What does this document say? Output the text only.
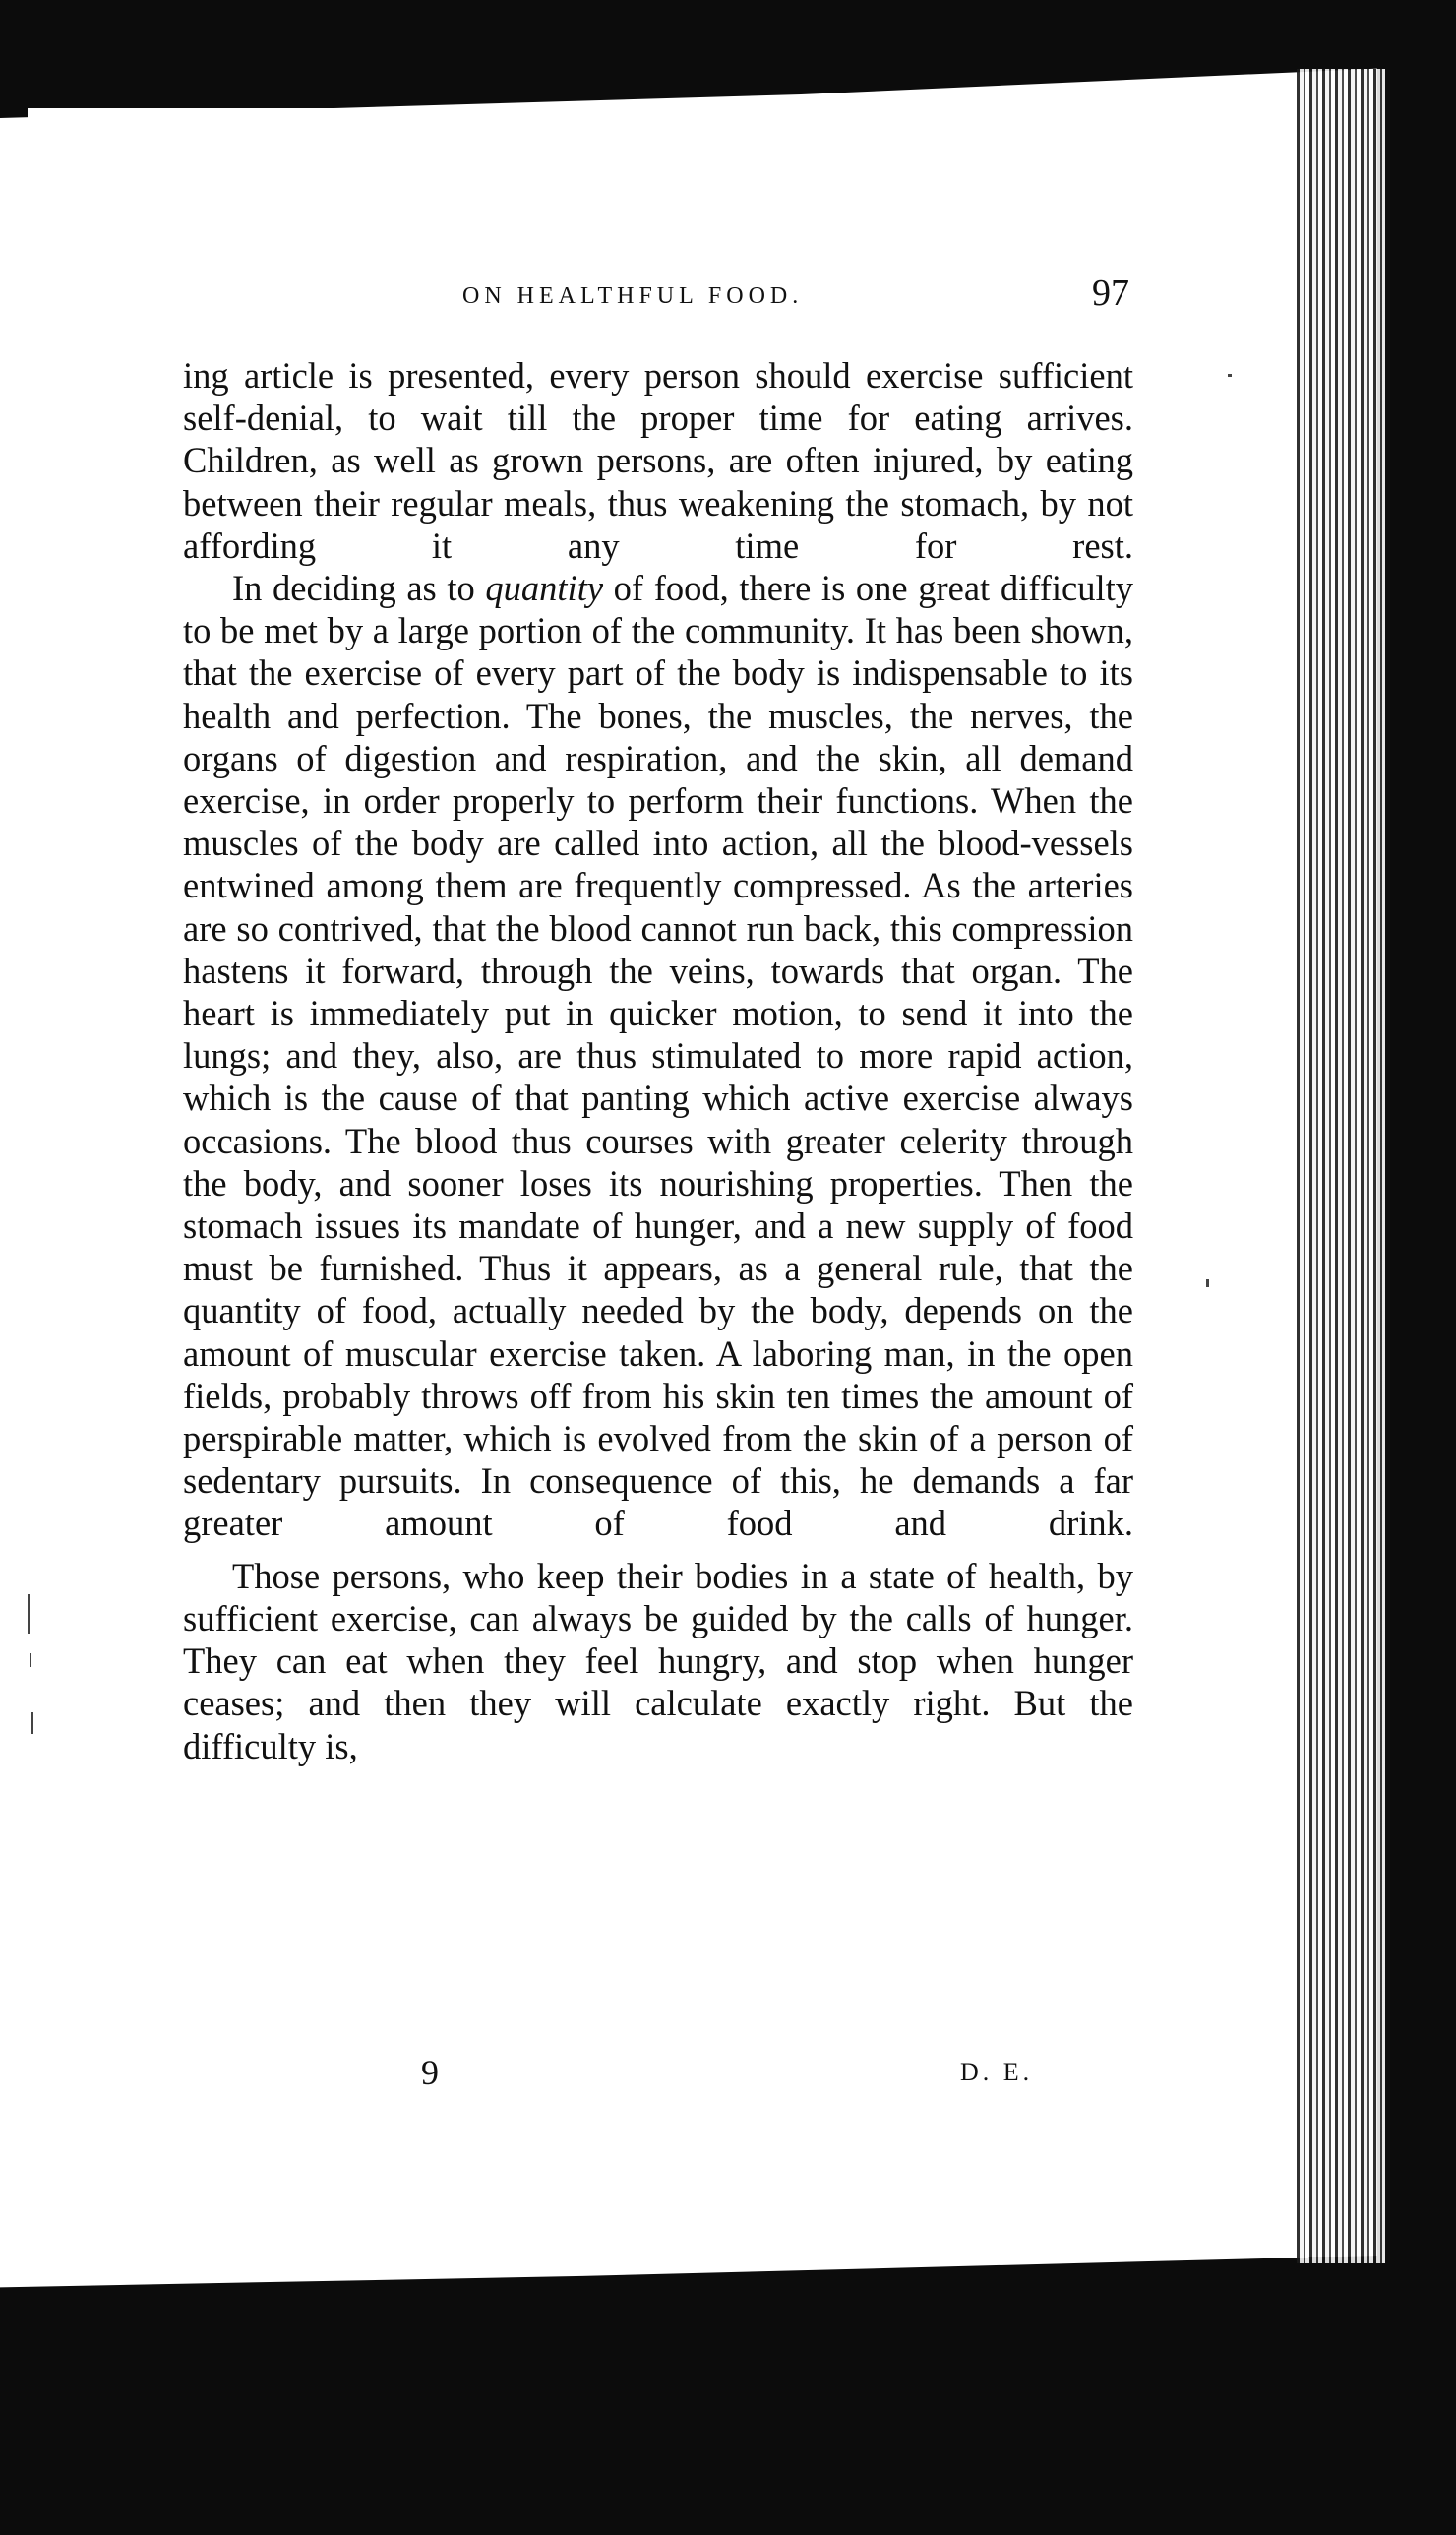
ON HEALTHFUL FOOD.	97

ing article is presented, every person should exercise sufficient self-denial, to wait till the proper time for eating arrives. Children, as well as grown persons, are often injured, by eating between their regular meals, thus weakening the stomach, by not affording it any time for rest.

In deciding as to quantity of food, there is one great difficulty to be met by a large portion of the community. It has been shown, that the exercise of every part of the body is indispensable to its health and perfection. The bones, the muscles, the nerves, the organs of digestion and respiration, and the skin, all demand exercise, in order properly to perform their functions. When the muscles of the body are called into action, all the blood-vessels entwined among them are frequently compressed. As the arteries are so contrived, that the blood cannot run back, this compression hastens it forward, through the veins, towards that organ. The heart is immediately put in quicker motion, to send it into the lungs; and they, also, are thus stimulated to more rapid action, which is the cause of that panting which active exercise always occasions. The blood thus courses with greater celerity through the body, and sooner loses its nourishing properties. Then the stomach issues its mandate of hunger, and a new supply of food must be furnished. Thus it appears, as a general rule, that the quantity of food, actually needed by the body, depends on the amount of muscular exercise taken. A laboring man, in the open fields, probably throws off from his skin ten times the amount of perspirable matter, which is evolved from the skin of a person of sedentary pursuits. In consequence of this, he demands a far greater amount of food and drink.

Those persons, who keep their bodies in a state of health, by sufficient exercise, can always be guided by the calls of hunger. They can eat when they feel hungry, and stop when hunger ceases; and then they will calculate exactly right. But the difficulty is,

9	D. E.
